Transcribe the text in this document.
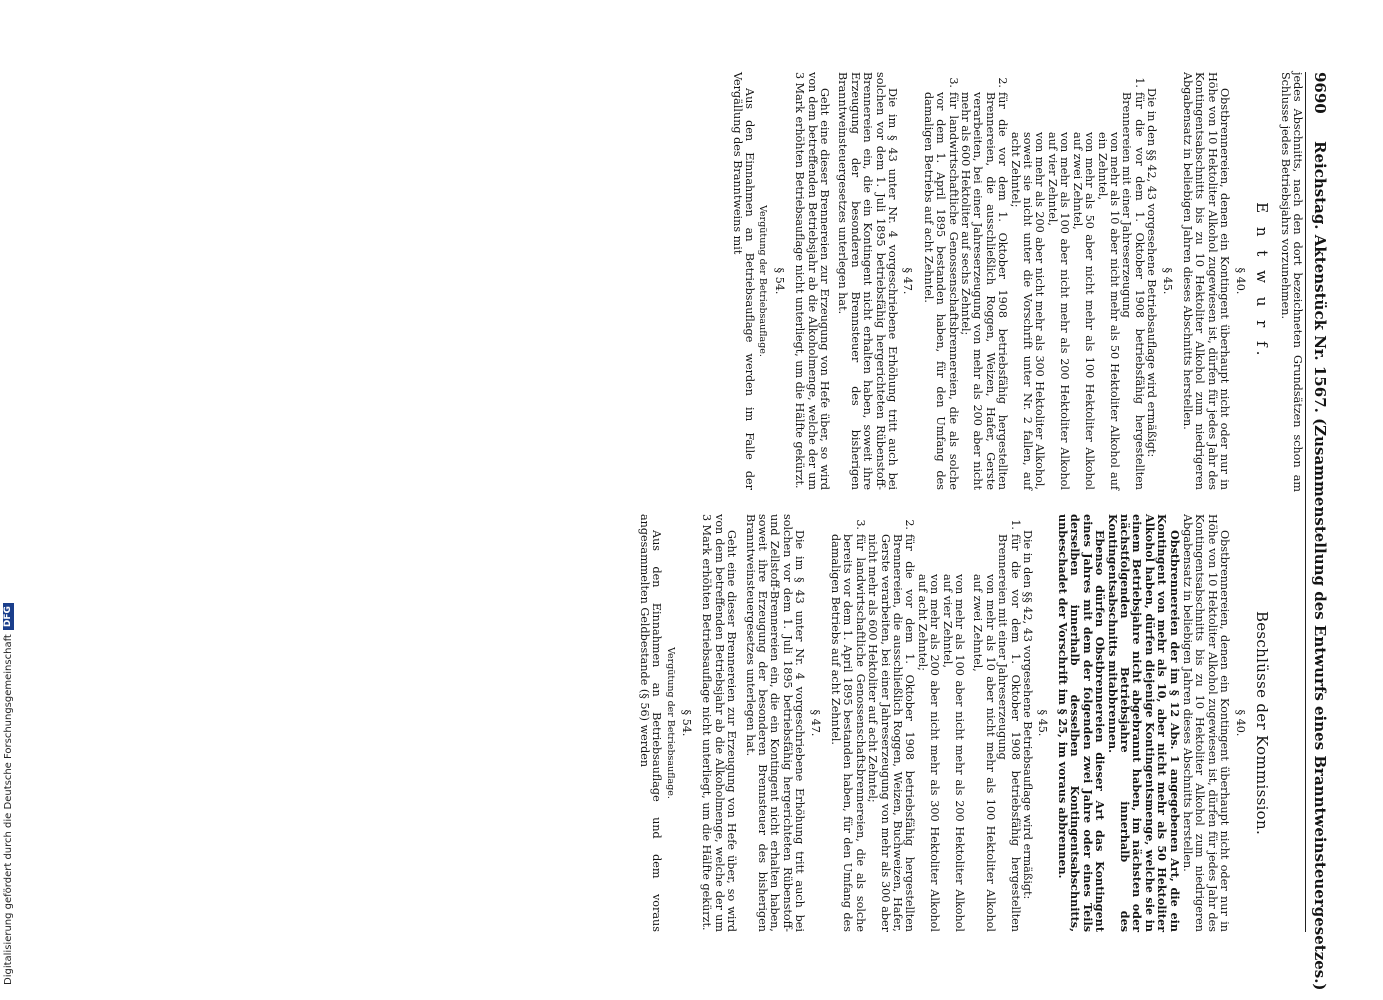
9690 Reichstag. Aktenstück Nr. 1567. (Zusammenstellung des Entwurfs eines Branntweinsteuergesetzes.)

jedes Abschnitts, nach den dort bezeichneten Grundsätzen schon am Schlusse jedes Betriebsjahrs vorzunehmen.

E n t w u r f.
§ 40.

Obstbrennereien, denen ein Kontingent überhaupt nicht oder nur in Höhe von 10 Hektoliter Alkohol zugewiesen ist, dürfen für jedes Jahr des Kontingentsabschnitts bis zu 10 Hektoliter Alkohol zum niedrigeren Abgabensatz in beliebigen Jahren dieses Abschnitts herstellen.

§ 45.

Die in den §§ 42, 43 vorgesehene Betriebsauflage wird ermäßigt:

1.
für die vor dem 1. Oktober 1908 betriebsfähig hergestellten Brennereien mit einer Jahreserzeugung

von mehr als 10 aber nicht mehr als 50 Hektoliter Alkohol auf ein Zehntel,

von mehr als 50 aber nicht mehr als 100 Hektoliter Alkohol auf zwei Zehntel,

von mehr als 100 aber nicht mehr als 200 Hektoliter Alkohol auf vier Zehntel,

von mehr als 200 aber nicht mehr als 300 Hektoliter Alkohol, soweit sie nicht unter die Vorschrift unter Nr. 2 fallen, auf acht Zehntel;

2.
für die vor dem 1. Oktober 1908 betriebsfähig hergestellten Brennereien, die ausschließlich Roggen, Weizen, Hafer, Gerste verarbeiten, bei einer Jahreserzeugung von mehr als 200 aber nicht mehr als 600 Hektoliter auf sechs Zehntel;
3.
für landwirtschaftliche Genossenschaftsbrennereien, die als solche vor dem 1. April 1895 bestanden haben, für den Umfang des damaligen Betriebs auf acht Zehntel.
§ 47.

Die im § 43 unter Nr. 4 vorgeschriebene Erhöhung tritt auch bei solchen vor dem 1. Juli 1895 betriebsfähig hergerichteten Rübenstoff-Brennereien ein, die ein Kontingent nicht erhalten haben, soweit ihre Erzeugung der besonderen Brennsteuer des bisherigen Branntweinsteuergesetzes unterlegen hat.

Geht eine dieser Brennereien zur Erzeugung von Hefe über, so wird von dem betreffenden Betriebsjahr ab die Alkoholmenge, welche der um 3 Mark erhöhten Betriebsauflage nicht unterliegt, um die Hälfte gekürzt.

§ 54.
Vergütung der Betriebsauflage.

Aus den Einnahmen an Betriebsauflage werden im Falle der Vergällung des Branntweins mit

Beschlüsse der Kommission.
§ 40.

Obstbrennereien, denen ein Kontingent überhaupt nicht oder nur in Höhe von 10 Hektoliter Alkohol zugewiesen ist, dürfen für jedes Jahr des Kontingentsabschnitts bis zu 10 Hektoliter Alkohol zum niedrigeren Abgabensatz in beliebigen Jahren dieses Abschnitts herstellen.

Obstbrennereien der im § 12 Abs. 1 angegebenen Art, die ein Kontingent von mehr als 10, aber nicht mehr als 50 Hektoliter Alkohol haben, dürfen diejenige Kontingentsmenge, welche sie in einem Betriebsjahre nicht abgebrannt haben, im nächsten oder nächstfolgenden Betriebsjahre innerhalb des Kontingentsabschnitts mitabbrennen.

Ebenso dürfen Obstbrennereien dieser Art das Kontingent eines Jahres mit dem der folgenden zwei Jahre oder eines Teils derselben innerhalb desselben Kontingentsabschnitts, unbeschadet der Vorschrift im § 25, im voraus abbrennen.

§ 45.

Die in den §§ 42, 43 vorgesehene Betriebsauflage wird ermäßigt:

1.
für die vor dem 1. Oktober 1908 betriebsfähig hergestellten Brennereien mit einer Jahreserzeugung

von mehr als 10 aber nicht mehr als 100 Hektoliter Alkohol auf zwei Zehntel,

von mehr als 100 aber nicht mehr als 200 Hektoliter Alkohol auf vier Zehntel,

von mehr als 200 aber nicht mehr als 300 Hektoliter Alkohol auf acht Zehntel;

2.
für die vor dem 1. Oktober 1908 betriebsfähig hergestellten Brennereien, die ausschließlich Roggen, Weizen, Buchweizen, Hafer, Gerste verarbeiten, bei einer Jahreserzeugung von mehr als 300 aber nicht mehr als 600 Hektoliter auf acht Zehntel;
3.
für landwirtschaftliche Genossenschaftsbrennereien, die als solche bereits vor dem 1. April 1895 bestanden haben, für den Umfang des damaligen Betriebs auf acht Zehntel.
§ 47.

Die im § 43 unter Nr. 4 vorgeschriebene Erhöhung tritt auch bei solchen vor dem 1. Juli 1895 betriebsfähig hergerichteten Rübenstoff- und Zellstoff-Brennereien ein, die ein Kontingent nicht erhalten haben, soweit ihre Erzeugung der besonderen Brennsteuer des bisherigen Branntweinsteuergesetzes unterlegen hat.

Geht eine dieser Brennereien zur Erzeugung von Hefe über, so wird von dem betreffenden Betriebsjahr ab die Alkoholmenge, welche der um 3 Mark erhöhten Betriebsauflage nicht unterliegt, um die Hälfte gekürzt.

§ 54.
Vergütung der Betriebsauflage.

Aus den Einnahmen an Betriebsauflage und dem voraus angesammelten Geldbestande (§ 56) werden

Digitalisierung gefördert durch die Deutsche Forschungsgemeinschaft
DFG
